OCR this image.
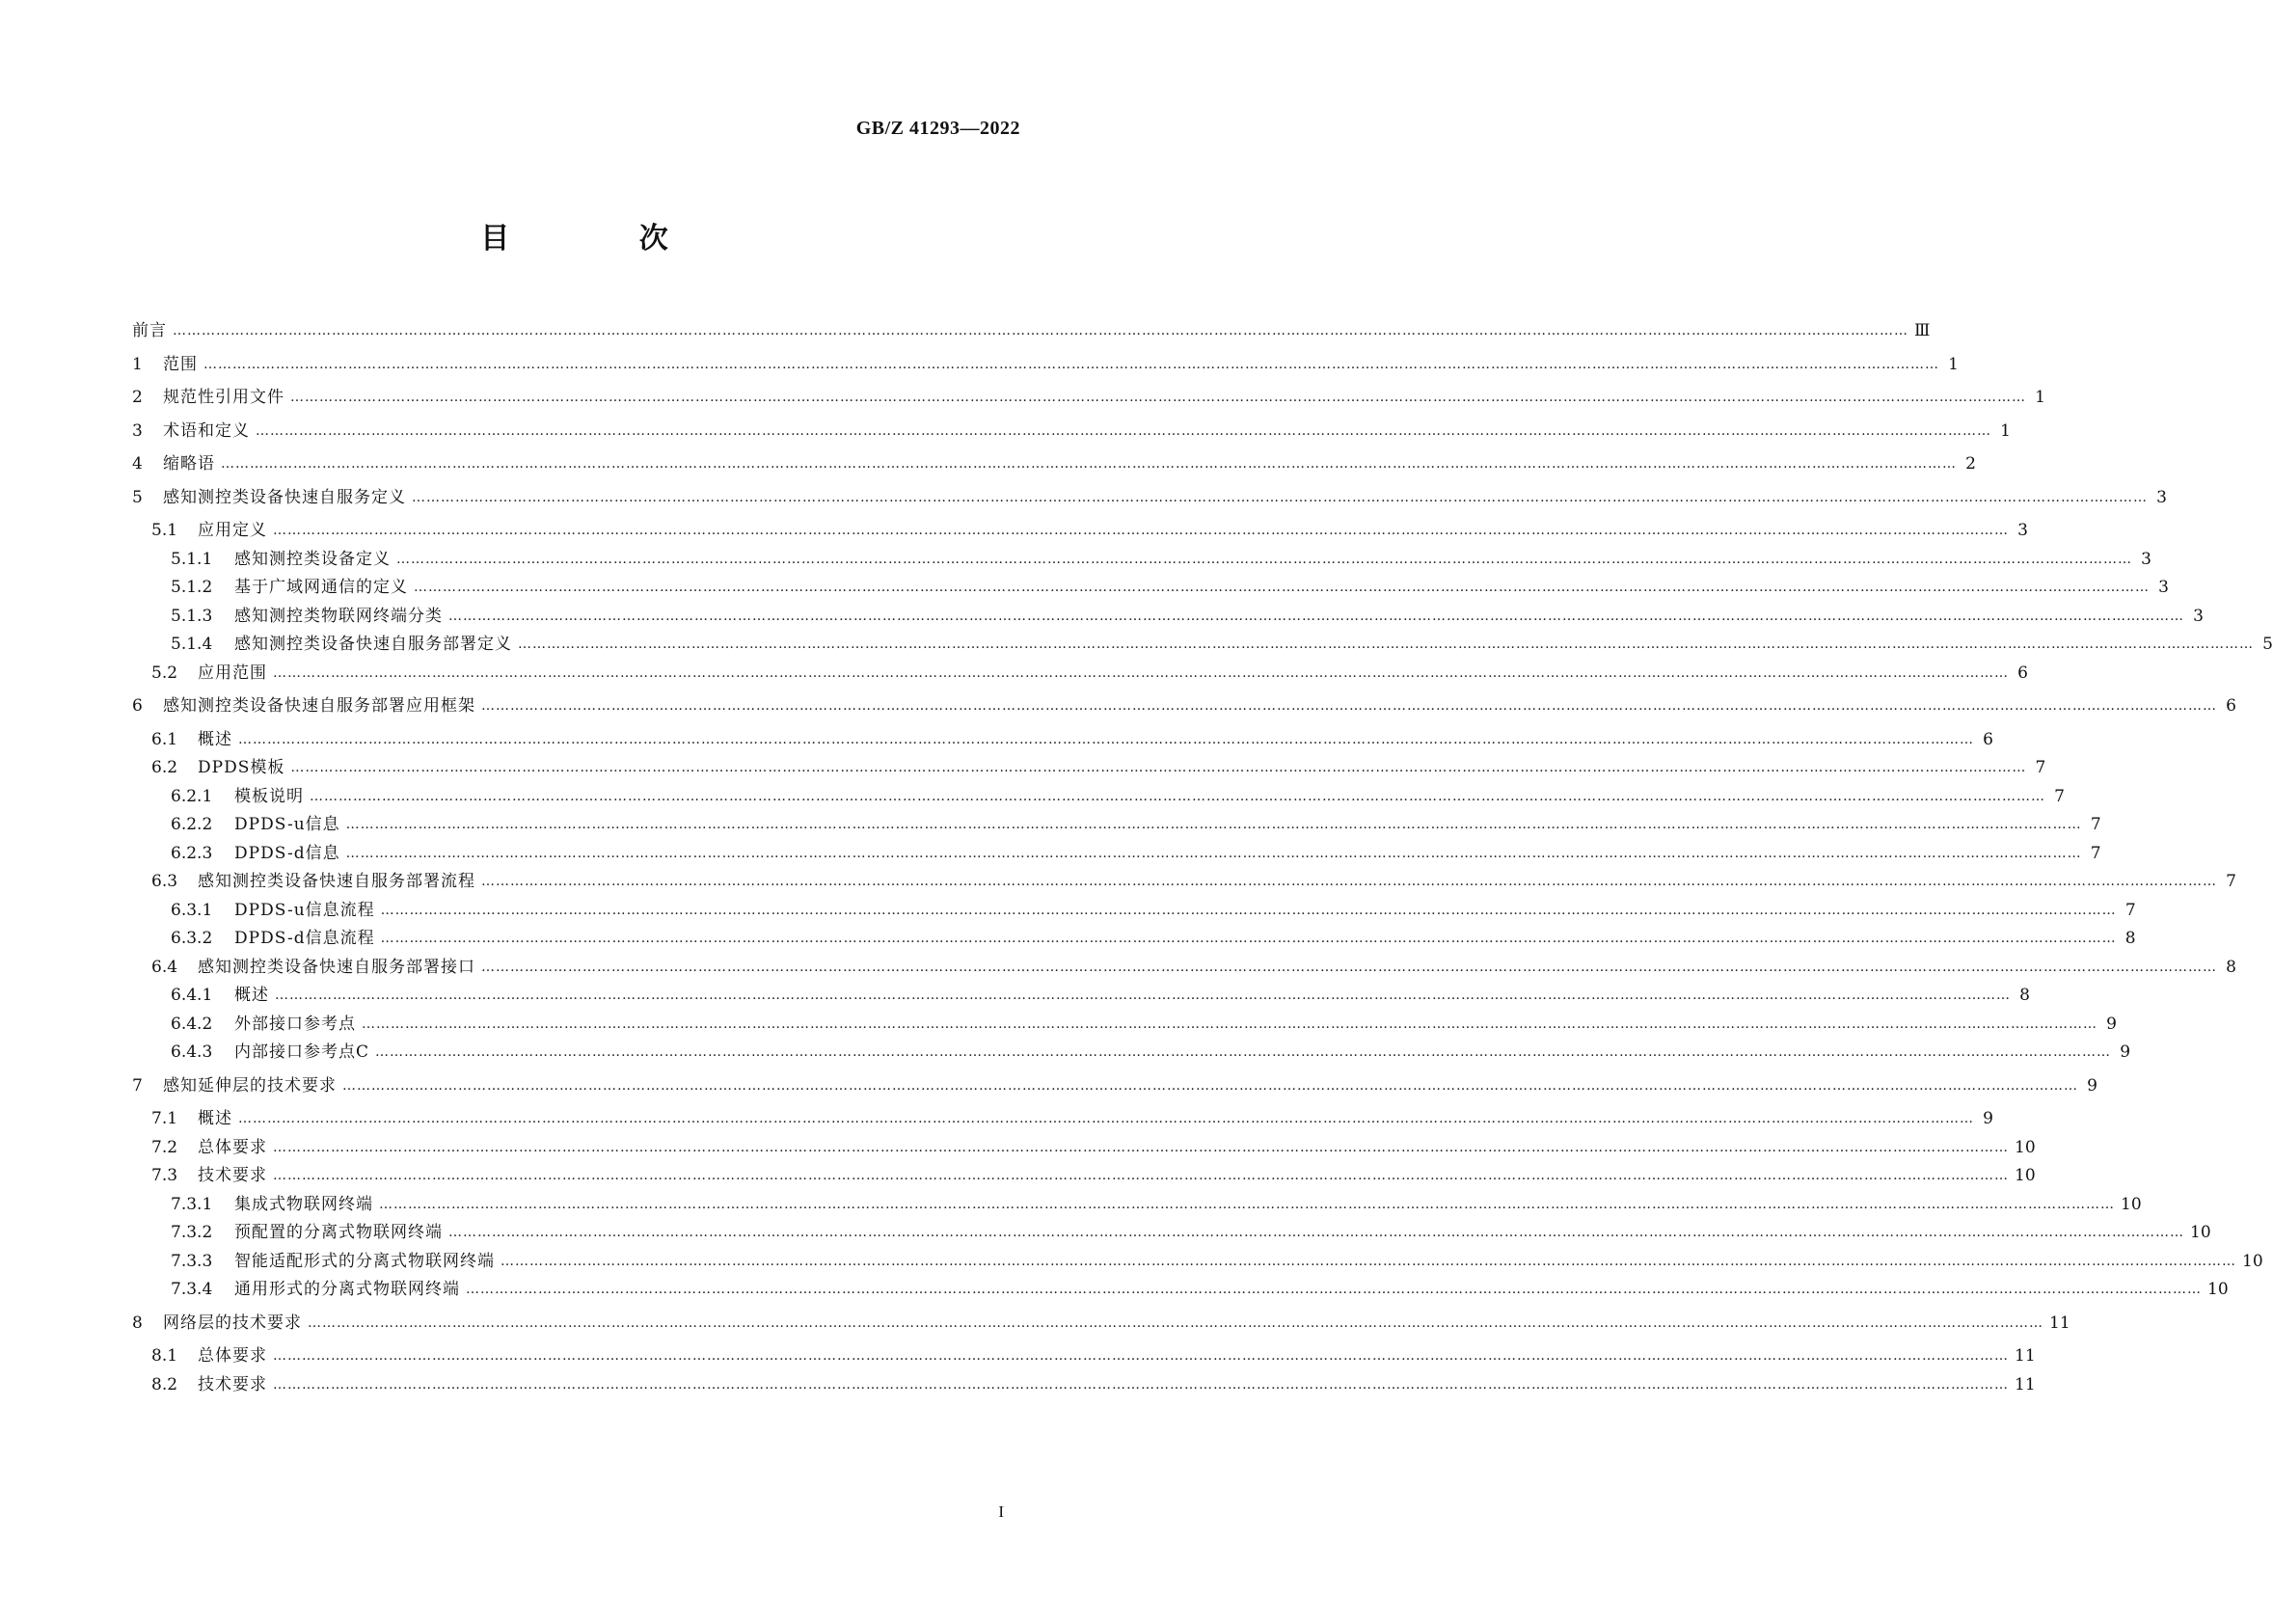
GB/Z 41293—2022
目 次
前言 ……………………………………………………………………………………………………………………………………………………………………………………………………………………………………………………………………………………………………………………………… Ⅲ
1	范围 ……………………………………………………………………………………………………………………………………………………………………………………………………………………………………………………………………………………………………………………………… 1
2	规范性引用文件 ……………………………………………………………………………………………………………………………………………………………………………………………………………………………………………………………………………………………………………………………… 1
3	术语和定义 ……………………………………………………………………………………………………………………………………………………………………………………………………………………………………………………………………………………………………………………………… 1
4	缩略语 ……………………………………………………………………………………………………………………………………………………………………………………………………………………………………………………………………………………………………………………………… 2
5	感知测控类设备快速自服务定义 ……………………………………………………………………………………………………………………………………………………………………………………………………………………………………………………………………………………………………………………………… 3
5.1	应用定义 ……………………………………………………………………………………………………………………………………………………………………………………………………………………………………………………………………………………………………………………………… 3
5.1.1	感知测控类设备定义 ……………………………………………………………………………………………………………………………………………………………………………………………………………………………………………………………………………………………………………………………… 3
5.1.2	基于广域网通信的定义 ……………………………………………………………………………………………………………………………………………………………………………………………………………………………………………………………………………………………………………………………… 3
5.1.3	感知测控类物联网终端分类 ……………………………………………………………………………………………………………………………………………………………………………………………………………………………………………………………………………………………………………………………… 3
5.1.4	感知测控类设备快速自服务部署定义 ……………………………………………………………………………………………………………………………………………………………………………………………………………………………………………………………………………………………………………………………… 5
5.2	应用范围 ……………………………………………………………………………………………………………………………………………………………………………………………………………………………………………………………………………………………………………………………… 6
6	感知测控类设备快速自服务部署应用框架 ……………………………………………………………………………………………………………………………………………………………………………………………………………………………………………………………………………………………………………………………… 6
6.1	概述 ……………………………………………………………………………………………………………………………………………………………………………………………………………………………………………………………………………………………………………………………… 6
6.2	DPDS模板 ……………………………………………………………………………………………………………………………………………………………………………………………………………………………………………………………………………………………………………………………… 7
6.2.1	模板说明 ……………………………………………………………………………………………………………………………………………………………………………………………………………………………………………………………………………………………………………………………… 7
6.2.2	DPDS-u信息 ……………………………………………………………………………………………………………………………………………………………………………………………………………………………………………………………………………………………………………………………… 7
6.2.3	DPDS-d信息 ……………………………………………………………………………………………………………………………………………………………………………………………………………………………………………………………………………………………………………………………… 7
6.3	感知测控类设备快速自服务部署流程 ……………………………………………………………………………………………………………………………………………………………………………………………………………………………………………………………………………………………………………………………… 7
6.3.1	DPDS-u信息流程 ……………………………………………………………………………………………………………………………………………………………………………………………………………………………………………………………………………………………………………………………… 7
6.3.2	DPDS-d信息流程 ……………………………………………………………………………………………………………………………………………………………………………………………………………………………………………………………………………………………………………………………… 8
6.4	感知测控类设备快速自服务部署接口 ……………………………………………………………………………………………………………………………………………………………………………………………………………………………………………………………………………………………………………………………… 8
6.4.1	概述 ……………………………………………………………………………………………………………………………………………………………………………………………………………………………………………………………………………………………………………………………… 8
6.4.2	外部接口参考点 ……………………………………………………………………………………………………………………………………………………………………………………………………………………………………………………………………………………………………………………………… 9
6.4.3	内部接口参考点C ……………………………………………………………………………………………………………………………………………………………………………………………………………………………………………………………………………………………………………………………… 9
7	感知延伸层的技术要求 ……………………………………………………………………………………………………………………………………………………………………………………………………………………………………………………………………………………………………………………………… 9
7.1	概述 ……………………………………………………………………………………………………………………………………………………………………………………………………………………………………………………………………………………………………………………………… 9
7.2	总体要求 ……………………………………………………………………………………………………………………………………………………………………………………………………………………………………………………………………………………………………………………………… 10
7.3	技术要求 ……………………………………………………………………………………………………………………………………………………………………………………………………………………………………………………………………………………………………………………………… 10
7.3.1	集成式物联网终端 ……………………………………………………………………………………………………………………………………………………………………………………………………………………………………………………………………………………………………………………………… 10
7.3.2	预配置的分离式物联网终端 ……………………………………………………………………………………………………………………………………………………………………………………………………………………………………………………………………………………………………………………………… 10
7.3.3	智能适配形式的分离式物联网终端 ……………………………………………………………………………………………………………………………………………………………………………………………………………………………………………………………………………………………………………………………… 10
7.3.4	通用形式的分离式物联网终端 ……………………………………………………………………………………………………………………………………………………………………………………………………………………………………………………………………………………………………………………………… 10
8	网络层的技术要求 ……………………………………………………………………………………………………………………………………………………………………………………………………………………………………………………………………………………………………………………………… 11
8.1	总体要求 ……………………………………………………………………………………………………………………………………………………………………………………………………………………………………………………………………………………………………………………………… 11
8.2	技术要求 ……………………………………………………………………………………………………………………………………………………………………………………………………………………………………………………………………………………………………………………………… 11
I
